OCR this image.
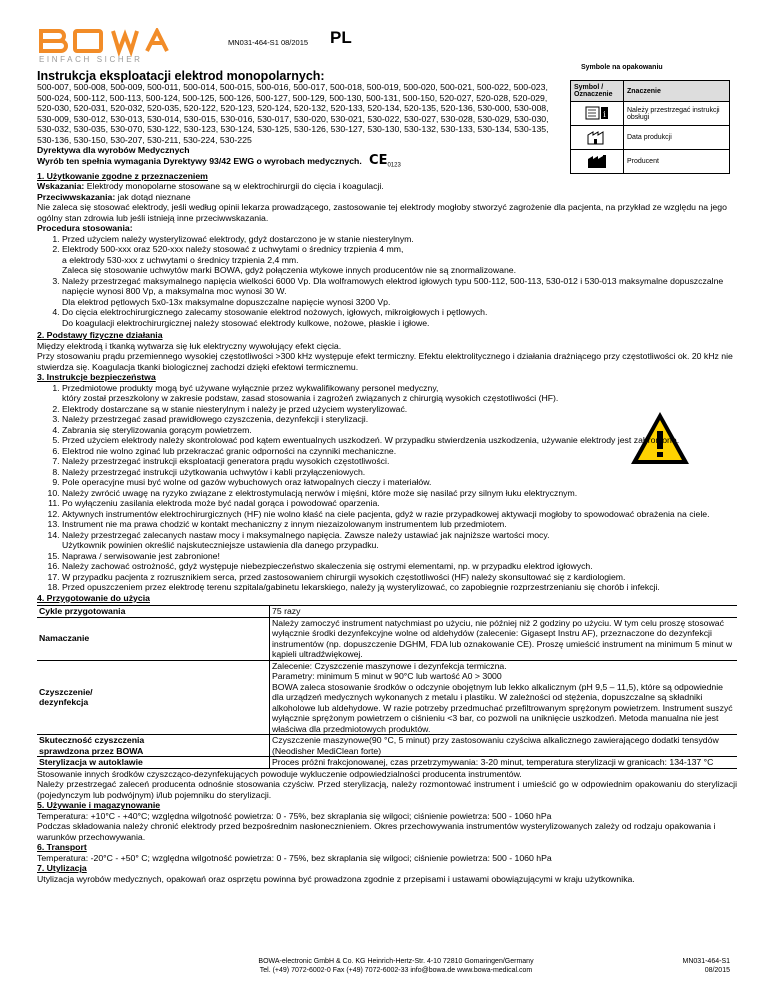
EINFACH SICHER
MN031-464-S1 08/2015 PL
Instrukcja eksploatacji elektrod monopolarnych:
Symbole na opakowaniu
Symbol / Oznaczenie	Znaczenie

i	Należy przestrzegać instrukcji obsługi
	Data produkcji
	Producent
500-007, 500-008, 500-009, 500-011, 500-014, 500-015, 500-016, 500-017, 500-018, 500-019, 500-020, 500-021, 500-022, 500-023, 500-024, 500-112, 500-113, 500-124, 500-125, 500-126, 500-127, 500-129, 500-130, 500-131, 500-150, 520-027, 520-028, 520-029, 520-030, 520-031, 520-032, 520-035, 520-122, 520-123, 520-124, 520-132, 520-133, 520-134, 520-135, 520-136, 530-000, 530-008, 530-009, 530-012, 530-013, 530-014, 530-015, 530-016, 530-017, 530-020, 530-021, 530-022, 530-027, 530-028, 530-029, 530-030, 530-032, 530-035, 530-070, 530-122, 530-123, 530-124, 530-125, 530-126, 530-127, 530-130, 530-132, 530-133, 530-134, 530-135, 530-136, 530-150, 530-207, 530-211, 530-224, 530-225
Dyrektywa dla wyrobów Medycznych
Wyrób ten spełnia wymagania Dyrektywy 93/42 EWG o wyrobach medycznych. $CE_{0123}$
1. Użytkowanie zgodne z przeznaczeniem
Wskazania: Elektrody monopolarne stosowane są w elektrochirurgii do cięcia i koagulacji.
Przeciwwskazania: jak dotąd nieznane
Nie zaleca się stosować elektrody, jeśli według opinii lekarza prowadzącego, zastosowanie tej elektrody mogłoby stworzyć zagrożenie dla pacjenta, na przykład ze względu na jego ogólny stan zdrowia lub jeśli istnieją inne przeciwwskazania.
Procedura stosowania:
1. Przed użyciem należy wysterylizować elektrody, gdyż dostarczono je w stanie niesterylnym.
2. Elektrody 500-xxx oraz 520-xxx należy stosować z uchwytami o średnicy trzpienia 4 mm,
a elektrody 530-xxx z uchwytami o średnicy trzpienia 2,4 mm.
Zaleca się stosowanie uchwytów marki BOWA, gdyż połączenia wtykowe innych producentów nie są znormalizowane.
3. Należy przestrzegać maksymalnego napięcia wielkości 6000 Vp. Dla wolframowych elektrod igłowych typu 500-112, 500-113, 530-012 i 530-013 maksymalne dopuszczalne napięcie wynosi 800 Vp, a maksymalna moc wynosi 30 W.
Dla elektrod pętlowych 5x0-13x maksymalne dopuszczalne napięcie wynosi 3200 Vp.
4. Do cięcia elektrochirurgicznego zalecamy stosowanie elektrod nożowych, igłowych, mikroigłowych i pętlowych.
Do koagulacji elektrochirurgicznej należy stosować elektrody kulkowe, nożowe, płaskie i igłowe.
2. Podstawy fizyczne działania
Między elektrodą i tkanką wytwarza się łuk elektryczny wywołujący efekt cięcia.
Przy stosowaniu prądu przemiennego wysokiej częstotliwości >300 kHz występuje efekt termiczny. Efektu elektrolitycznego i działania drażniącego przy częstotliwości ok. 20 kHz nie stwierdza się. Koagulacja tkanki biologicznej zachodzi dzięki efektowi termicznemu.
3. Instrukcje bezpieczeństwa
1. Przedmiotowe produkty mogą być używane wyłącznie przez wykwalifikowany personel medyczny,
który został przeszkolony w zakresie podstaw, zasad stosowania i zagrożeń związanych z chirurgią wysokich częstotliwości (HF).
2. Elektrody dostarczane są w stanie niesterylnym i należy je przed użyciem wysterylizować.
3. Należy przestrzegać zasad prawidłowego czyszczenia, dezynfekcji i sterylizacji.
4. Zabrania się sterylizowania gorącym powietrzem.
5. Przed użyciem elektrody należy skontrolować pod kątem ewentualnych uszkodzeń. W przypadku stwierdzenia uszkodzenia, używanie elektrody jest zabronione.
6. Elektrod nie wolno zginać lub przekraczać granic odporności na czynniki mechaniczne.
7. Należy przestrzegać instrukcji eksploatacji generatora prądu wysokich częstotliwości.
8. Należy przestrzegać instrukcji użytkowania uchwytów i kabli przyłączeniowych.
9. Pole operacyjne musi być wolne od gazów wybuchowych oraz łatwopalnych cieczy i materiałów.
10. Należy zwrócić uwagę na ryzyko związane z elektrostymulacją nerwów i mięśni, które może się nasilać przy silnym łuku elektrycznym.
11. Po wyłączeniu zasilania elektroda może być nadal gorąca i powodować oparzenia.
12. Aktywnych instrumentów elektrochirurgicznych (HF) nie wolno kłaść na ciele pacjenta, gdyż w razie przypadkowej aktywacji mogłoby to spowodować obrażenia na ciele.
13. Instrument nie ma prawa chodzić w kontakt mechaniczny z innym niezaizolowanym instrumentem lub przedmiotem.
14. Należy przestrzegać zalecanych nastaw mocy i maksymalnego napięcia. Zawsze należy ustawiać jak najniższe wartości mocy.
Użytkownik powinien określić najskuteczniejsze ustawienia dla danego przypadku.
15. Naprawa / serwisowanie jest zabronione!
16. Należy zachować ostrożność, gdyż występuje niebezpieczeństwo skaleczenia się ostrymi elementami, np. w przypadku elektrod igłowych.
17. W przypadku pacjenta z rozrusznikiem serca, przed zastosowaniem chirurgii wysokich częstotliwości (HF) należy skonsultować się z kardiologiem.
18. Przed opuszczeniem przez elektrodę terenu szpitala/gabinetu lekarskiego, należy ją wysterylizować, co zapobiegnie rozprzestrzenianiu się chorób i infekcji.
4. Przygotowanie do użycia
Cykle przygotowania	75 razy
Namaczanie	Należy zamoczyć instrument natychmiast po użyciu, nie później niż 2 godziny po użyciu. W tym celu proszę stosować wyłącznie środki dezynfekcyjne wolne od aldehydów (zalecenie: Gigasept Instru AF), przeznaczone do dezynfekcji instrumentów (np. dopuszczenie DGHM, FDA lub oznakowanie CE). Proszę umieścić instrument na minimum 5 minut w kąpieli ultradźwiękowej.
Czyszczenie/
dezynfekcja	Zalecenie: Czyszczenie maszynowe i dezynfekcja termiczna.
Parametry: minimum 5 minut w 90°C lub wartość A0 > 3000
BOWA zaleca stosowanie środków o odczynie obojętnym lub lekko alkalicznym (pH 9,5 – 11,5), które są odpowiednie dla urządzeń medycznych wykonanych z metalu i plastiku. W zależności od stężenia, dopuszczalne są składniki alkoholowe lub aldehydowe. W razie potrzeby przedmuchać przefiltrowanym sprężonym powietrzem. Instrument suszyć wyłącznie sprężonym powietrzem o ciśnieniu <3 bar, co pozwoli na uniknięcie uszkodzeń. Metoda manualna nie jest właściwa dla przedmiotowych produktów.
Skuteczność czyszczenia
sprawdzona przez BOWA	Czyszczenie maszynowe(90 °C, 5 minut) przy zastosowaniu czyściwa alkalicznego zawierającego dodatki tensydów
(Neodisher MediClean forte)
Sterylizacja w autoklawie	Proces próżni frakcjonowanej, czas przetrzymywania: 3-20 minut, temperatura sterylizacji w granicach: 134-137 °C
Stosowanie innych środków czyszcząco-dezynfekujących powoduje wykluczenie odpowiedzialności producenta instrumentów.
Należy przestrzegać zaleceń producenta odnośnie stosowania czyściw. Przed sterylizacją, należy rozmontować instrument i umieścić go w odpowiednim opakowaniu do sterylizacji (pojedynczym lub podwójnym) i/lub pojemniku do sterylizacji.
5. Używanie i magazynowanie
Temperatura: +10°C - +40°C; względna wilgotność powietrza: 0 - 75%, bez skraplania się wilgoci; ciśnienie powietrza: 500 - 1060 hPa
Podczas składowania należy chronić elektrody przed bezpośrednim nasłonecznieniem. Okres przechowywania instrumentów wysterylizowanych zależy od rodzaju opakowania i warunków przechowywania.
6. Transport
Temperatura: -20°C - +50° C; względna wilgotność powietrza: 0 - 75%, bez skraplania się wilgoci; ciśnienie powietrza: 500 - 1060 hPa
7. Utylizacja
Utylizacja wyrobów medycznych, opakowań oraz osprzętu powinna być prowadzona zgodnie z przepisami i ustawami obowiązującymi w kraju użytkownika.
BOWA-electronic GmbH & Co. KG Heinrich-Hertz-Str. 4-10 72810 Gomaringen/Germany
Tel. (+49) 7072-6002-0 Fax (+49) 7072-6002-33 info@bowa.de www.bowa-medical.com
MN031-464-S1
08/2015
